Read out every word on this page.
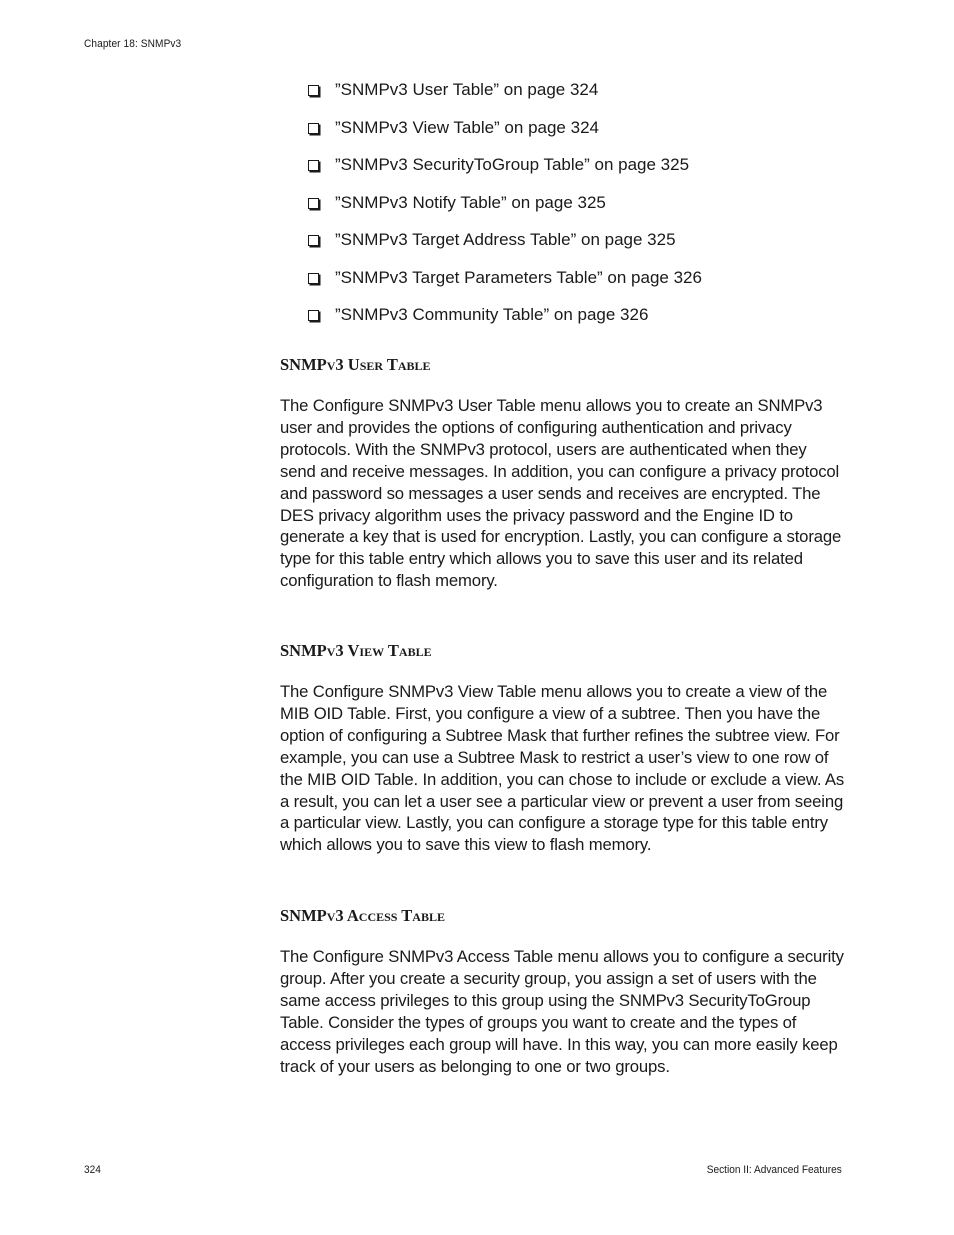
Chapter 18: SNMPv3
”SNMPv3 User Table” on page 324
”SNMPv3 View Table” on page 324
”SNMPv3 SecurityToGroup Table” on page 325
”SNMPv3 Notify Table” on page 325
”SNMPv3 Target Address Table” on page 325
”SNMPv3 Target Parameters Table” on page 326
”SNMPv3 Community Table” on page 326
SNMPv3 User Table

The Configure SNMPv3 User Table menu allows you to create an SNMPv3 user and provides the options of configuring authentication and privacy protocols. With the SNMPv3 protocol, users are authenticated when they send and receive messages. In addition, you can configure a privacy protocol and password so messages a user sends and receives are encrypted. The DES privacy algorithm uses the privacy password and the Engine ID to generate a key that is used for encryption. Lastly, you can configure a storage type for this table entry which allows you to save this user and its related configuration to flash memory.

SNMPv3 View Table

The Configure SNMPv3 View Table menu allows you to create a view of the MIB OID Table. First, you configure a view of a subtree. Then you have the option of configuring a Subtree Mask that further refines the subtree view. For example, you can use a Subtree Mask to restrict a user’s view to one row of the MIB OID Table. In addition, you can chose to include or exclude a view. As a result, you can let a user see a particular view or prevent a user from seeing a particular view. Lastly, you can configure a storage type for this table entry which allows you to save this view to flash memory.

SNMPv3 Access Table

The Configure SNMPv3 Access Table menu allows you to configure a security group. After you create a security group, you assign a set of users with the same access privileges to this group using the SNMPv3 SecurityToGroup Table. Consider the types of groups you want to create and the types of access privileges each group will have. In this way, you can more easily keep track of your users as belonging to one or two groups.

324	Section II: Advanced Features
